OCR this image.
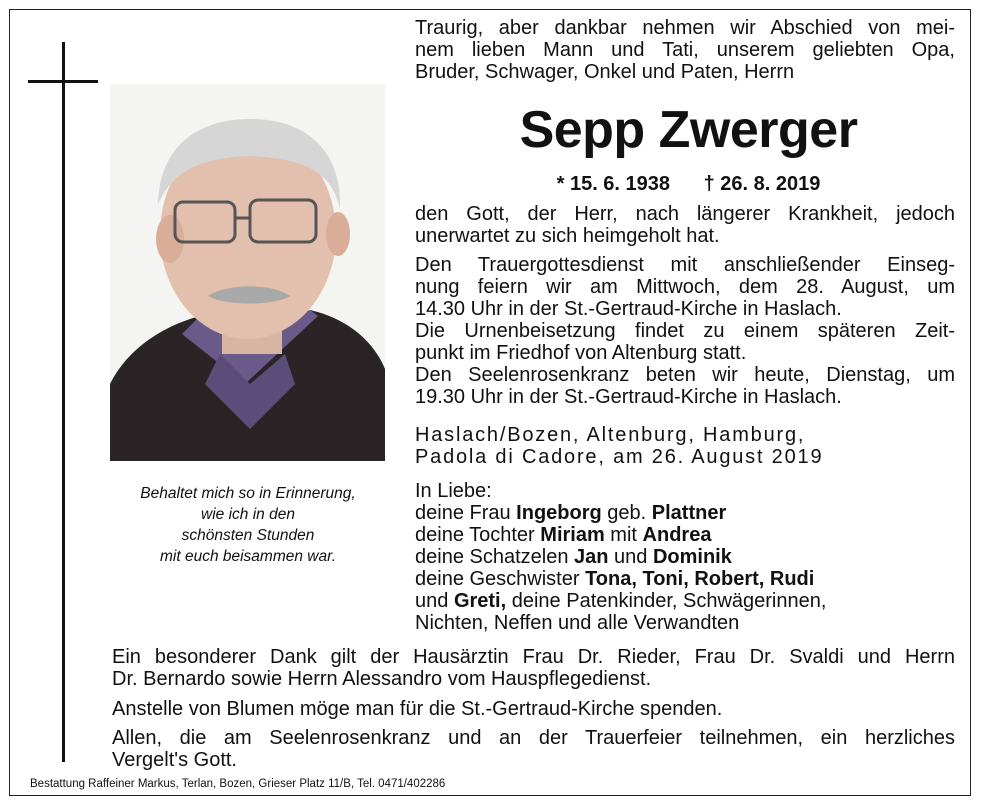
Behaltet mich so in Erinnerung,
wie ich in den
schönsten Stunden
mit euch beisammen war.
Traurig, aber dankbar nehmen wir Abschied von mei-
nem lieben Mann und Tati, unserem geliebten Opa,
Bruder, Schwager, Onkel und Paten, Herrn
Sepp Zwerger
* 15. 6. 1938 † 26. 8. 2019
den Gott, der Herr, nach längerer Krankheit, jedoch
unerwartet zu sich heimgeholt hat.
Den Trauergottesdienst mit anschließender Einseg-
nung feiern wir am Mittwoch, dem 28. August, um
14.30 Uhr in der St.-Gertraud-Kirche in Haslach.
Die Urnenbeisetzung findet zu einem späteren Zeit-
punkt im Friedhof von Altenburg statt.
Den Seelenrosenkranz beten wir heute, Dienstag, um
19.30 Uhr in der St.-Gertraud-Kirche in Haslach.
Haslach/Bozen, Altenburg, Hamburg,
Padola di Cadore, am 26. August 2019
In Liebe:
deine Frau Ingeborg geb. Plattner
deine Tochter Miriam mit Andrea
deine Schatzelen Jan und Dominik
deine Geschwister Tona, Toni, Robert, Rudi
und Greti, deine Patenkinder, Schwägerinnen,
Nichten, Neffen und alle Verwandten
Ein besonderer Dank gilt der Hausärztin Frau Dr. Rieder, Frau Dr. Svaldi und Herrn
Dr. Bernardo sowie Herrn Alessandro vom Hauspflegedienst.
Anstelle von Blumen möge man für die St.-Gertraud-Kirche spenden.
Allen, die am Seelenrosenkranz und an der Trauerfeier teilnehmen, ein herzliches
Vergelt's Gott.
Bestattung Raffeiner Markus, Terlan, Bozen, Grieser Platz 11/B, Tel. 0471/402286
